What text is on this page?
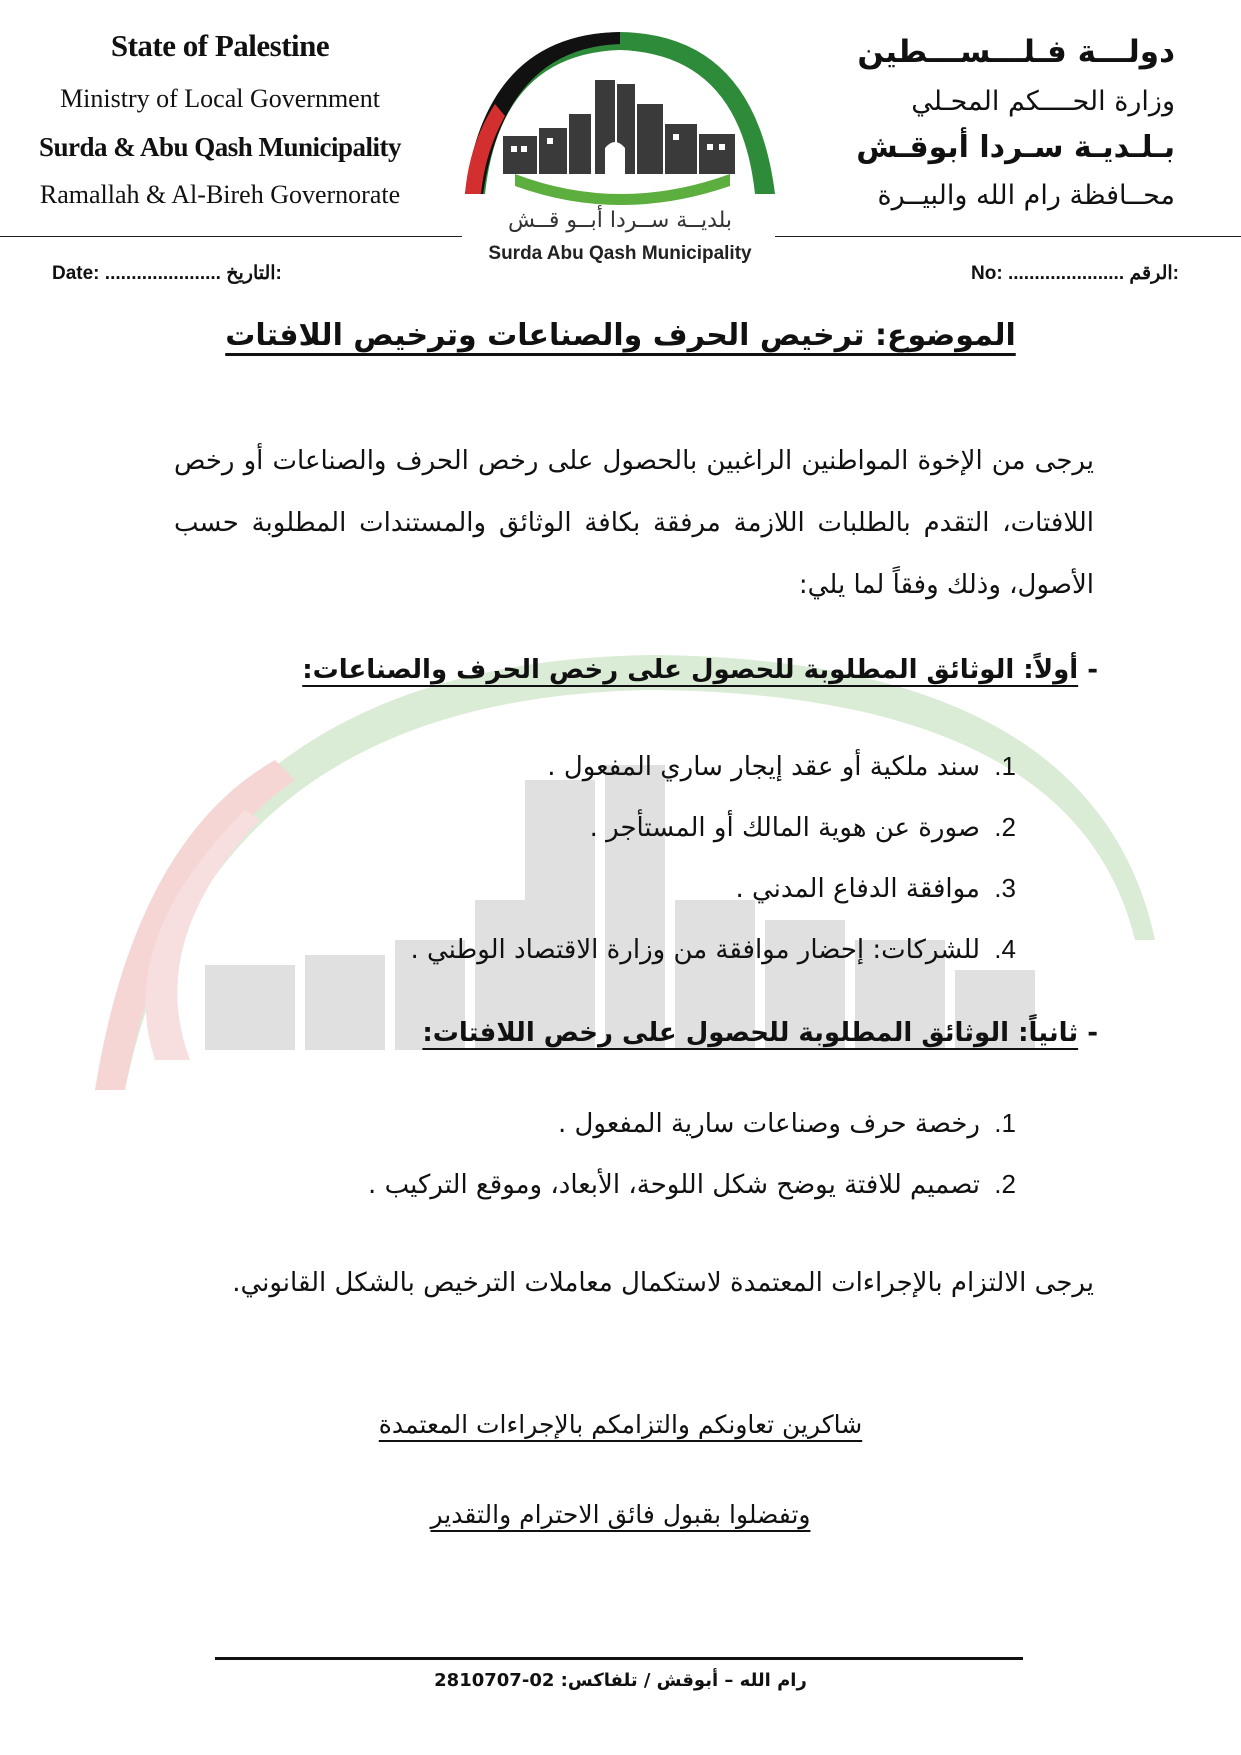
State of Palestine
Ministry of Local Government
Surda & Abu Qash Municipality
Ramallah & Al-Bireh Governorate
دولـــة فـلـــســـطين
وزارة الحــــكم المحـلي
بـلـديـة سـردا أبوقـش
محــافظة رام الله والبيــرة
بلديــة ســردا أبــو قــش
Surda Abu Qash Municipality
Date: ...................... التاريخ:	No: ...................... الرقم:
الموضوع: ترخيص الحرف والصناعات وترخيص اللافتات
يرجى من الإخوة المواطنين الراغبين بالحصول على رخص الحرف والصناعات أو رخص اللافتات، التقدم بالطلبات اللازمة مرفقة بكافة الوثائق والمستندات المطلوبة حسب الأصول، وذلك وفقاً لما يلي:
- أولاً: الوثائق المطلوبة للحصول على رخص الحرف والصناعات:
1.سند ملكية أو عقد إيجار ساري المفعول .
2.صورة عن هوية المالك أو المستأجر .
3.موافقة الدفاع المدني .
4.للشركات: إحضار موافقة من وزارة الاقتصاد الوطني .
- ثانياً: الوثائق المطلوبة للحصول على رخص اللافتات:
1.رخصة حرف وصناعات سارية المفعول .
2.تصميم للافتة يوضح شكل اللوحة، الأبعاد، وموقع التركيب .
يرجى الالتزام بالإجراءات المعتمدة لاستكمال معاملات الترخيص بالشكل القانوني.
شاكرين تعاونكم والتزامكم بالإجراءات المعتمدة
وتفضلوا بقبول فائق الاحترام والتقدير
رام الله – أبوقش / تلفاكس: 02-2810707
